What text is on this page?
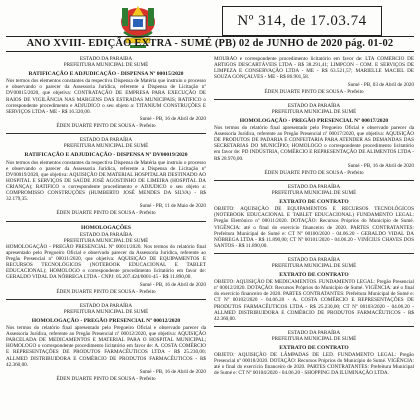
Nº 314, de 17.03.74
ANO XVIII- EDIÇÃO EXTRA - SUMÉ (PB) 02 de JUNHO de 2020 pág. 01-02
ESTADO DA PARAÍBA
PREFEITURA MUNICIPAL DE SUMÉ
RATIFICAÇÃO E ADJUDICAÇÃO - DISPENSA Nº 00015/2020

Nos termos dos elementos constantes da respectiva Dispensa de Matéria que instruiu o processo e observando o parecer da Assessoria Jurídica, referente a Dispensa de Licitação nº DV00015/2020, que objetiva: CONTRATAÇÃO DE EMPRESA PARA EXECUÇÃO DE RAIOS DE VIGILÂNCIA NAS MARGENS DAS ESTRADAS MUNICIPAIS; RATIFICO o correspondente procedimento e ADJUDICO o seu objeto a: TITANIUM CONSTRUÇÕES E SERVIÇOS LTDA - ME - R$ 16.320,00.

Sumé - PB, 16 de Abril de 2020
ÉDEN DUARTE PINTO DE SOUSA - Prefeito
ESTADO DA PARAÍBA
PREFEITURA MUNICIPAL DE SUMÉ
RATIFICAÇÃO E ADJUDICAÇÃO - DISPENSA Nº DV00019/2020

Nos termos dos elementos constantes da respectiva Dispensa de Matéria que instruiu o processo e observando o parecer da Assessoria Jurídica, referente a Dispensa de Licitação nº DV00019/2020, que objetiva: AQUISIÇÃO DE MATERIAL HOSPITALAR DESTINADO AO HOSPITAL E SERVIÇOS DE SAÚDE JOSÉ AGOSTINHO DE LIMEIRA (HOSPITAL DA CRIANÇA); RATIFICO o correspondente procedimento e ADJUDICO o seu objeto a: COMPROMISSO CONSTRUÇÕES (HUMBERTO JOSÉ MENDES DA SILVA) - R$ 32.179,35.

Sumé - PB, 11 de Maio de 2020
ÉDEN DUARTE PINTO DE SOUSA - Prefeito
HOMOLOGAÇÕES
ESTADO DA PARAÍBA
PREFEITURA MUNICIPAL DE SUMÉ

HOMOLOGAÇÃO - PREGÃO PRESENCIAL Nº 00011/2020. Nos termos do relatório final apresentado pelo Pregoeiro Oficial e observado parecer da Assessoria Jurídica, referente ao Pregão Presencial nº 00011/2020, que objetiva: AQUISIÇÃO DE EQUIPAMENTOS E RECURSOS TECNOLÓGICOS (NOTEBOOK EDUCACIONAL E TABLET EDUCACIONAL); HOMOLOGO o correspondente procedimento licitatório em favor de: GERALDO VIDAL DA NÓBREGA LTDA - CNPJ: 05.207.424/0001-45 - R$ 11.890,00.

Sumé - PB, 16 de Abril de 2020
ÉDEN DUARTE PINTO DE SOUSA - Prefeito
ESTADO DA PARAÍBA
PREFEITURA MUNICIPAL DE SUMÉ
HOMOLOGAÇÃO - PREGÃO PRESENCIAL Nº 00012/2020

Nos termos do relatório final apresentado pelo Pregoeiro Oficial e observado parecer da Assessoria Jurídica, referente ao Pregão Presencial nº 00012/2020, que objetiva: AQUISIÇÃO PARCELADA DE MEDICAMENTOS E MATERIAL PARA O HOSPITAL MUNICIPAL; HOMOLOGO o correspondente procedimento licitatório em favor de: A. COSTA COMÉRCIO E REPRESENTAÇÕES DE PRODUTOS FARMACÊUTICOS LTDA - R$ 25.230,00; ALLMED DISTRIBUIDORA E COMÉRCIO DE PRODUTOS FARMACÊUTICOS - R$ 42.360,00.

Sumé - PB, 16 de Abril de 2020
ÉDEN DUARTE PINTO DE SOUSA - Prefeito

MOURÃO e correspondente procedimento licitatório em favor de: LTA COMÉRCIO DE ARTIGOS DESCARTÁVEIS LTDA - R$ 38.291,41; LIMPCON - COM. E SERVIÇOS DE LIMPEZA E CONSERVAÇÃO LTDA - ME - R$ 63.521,57; MARIELLE MACIEL DE SOUZA GONÇALVES - ME - R$ 86.901,58.

Sumé - PB, 03 de Abril de 2020
ÉDEN DUARTE PINTO DE SOUSA - Prefeito
ESTADO DA PARAÍBA
PREFEITURA MUNICIPAL DE SUMÉ
HOMOLOGAÇÃO - PREGÃO PRESENCIAL Nº 00017/2020

Nos termos do relatório final apresentado pelo Pregoeiro Oficial e observado parecer da Assessoria Jurídica, referente ao Pregão Presencial nº 00017/2020, que objetiva: AQUISIÇÃO DE PRODUTOS DE PADARIA E CONFEITARIA PARA ATENDER AS DEMANDAS DAS SECRETARIAS DO MUNICÍPIO; HOMOLOGO o correspondente procedimento licitatório em favor de: PD INDÚSTRIA, COMÉRCIO E REPRESENTAÇÃO DE ALIMENTOS LTDA - R$ 28.970,00.

Sumé - PB, 16 de Abril de 2020
ÉDEN DUARTE PINTO DE SOUSA - Prefeito
ESTADO DA PARAÍBA
PREFEITURA MUNICIPAL DE SUMÉ
EXTRATO DE CONTRATO

OBJETO: AQUISIÇÃO DE EQUIPAMENTOS E RECURSOS TECNOLÓGICOS (NOTEBOOK EDUCACIONAL E TABLET EDUCACIONAL) FUNDAMENTO LEGAL: Pregão Eletrônico nº 00011/2020. DOTAÇÃO: Recursos Próprios do Município de Sumé. VIGÊNCIA: até o final do exercício financeiro de 2020. PARTES CONTRATANTES: Prefeitura Municipal de Sumé e: CT Nº 00100/2020 - 04.06.20 - GERALDO VIDAL DA NÓBREGA LTDA - R$ 11.890,00; CT Nº 00101/2020 - 04.06.20 - VINÍCIUS CHAVES DOS SANTOS - R$ 11.890,00.

ESTADO DA PARAÍBA
PREFEITURA MUNICIPAL DE SUMÉ
EXTRATO DE CONTRATO

OBJETO: AQUISIÇÃO DE MEDICAMENTOS. FUNDAMENTO LEGAL: Pregão Presencial nº 00012/2020. DOTAÇÃO: Recursos Próprios do Município de Sumé. VIGÊNCIA: até o final do exercício financeiro de 2020. PARTES CONTRATANTES: Prefeitura Municipal de Sumé e: CT Nº 00102/2020 - 04.06.20 - A. COSTA COMÉRCIO E REPRESENTAÇÕES DE PRODUTOS FARMACÊUTICOS LTDA - R$ 25.230,00; CT Nº 00103/2020 - 04.06.20 - ALLMED DISTRIBUIDORA E COMÉRCIO DE PRODUTOS FARMACÊUTICOS - R$ 42.360,00.

ESTADO DA PARAÍBA
PREFEITURA MUNICIPAL DE SUMÉ
EXTRATO DE CONTRATO

OBJETO: AQUISIÇÃO DE LÂMPADAS DE LED. FUNDAMENTO LEGAL: Pregão Presencial nº 00018/2020. DOTAÇÃO: Recursos Próprios do Município de Sumé. VIGÊNCIA: até o final do exercício financeiro de 2020. PARTES CONTRATANTES: Prefeitura Municipal de Sumé e: CT Nº 00104/2020 - 04.06.20 - SHOPPING DA ILUMINAÇÃO LTDA.
